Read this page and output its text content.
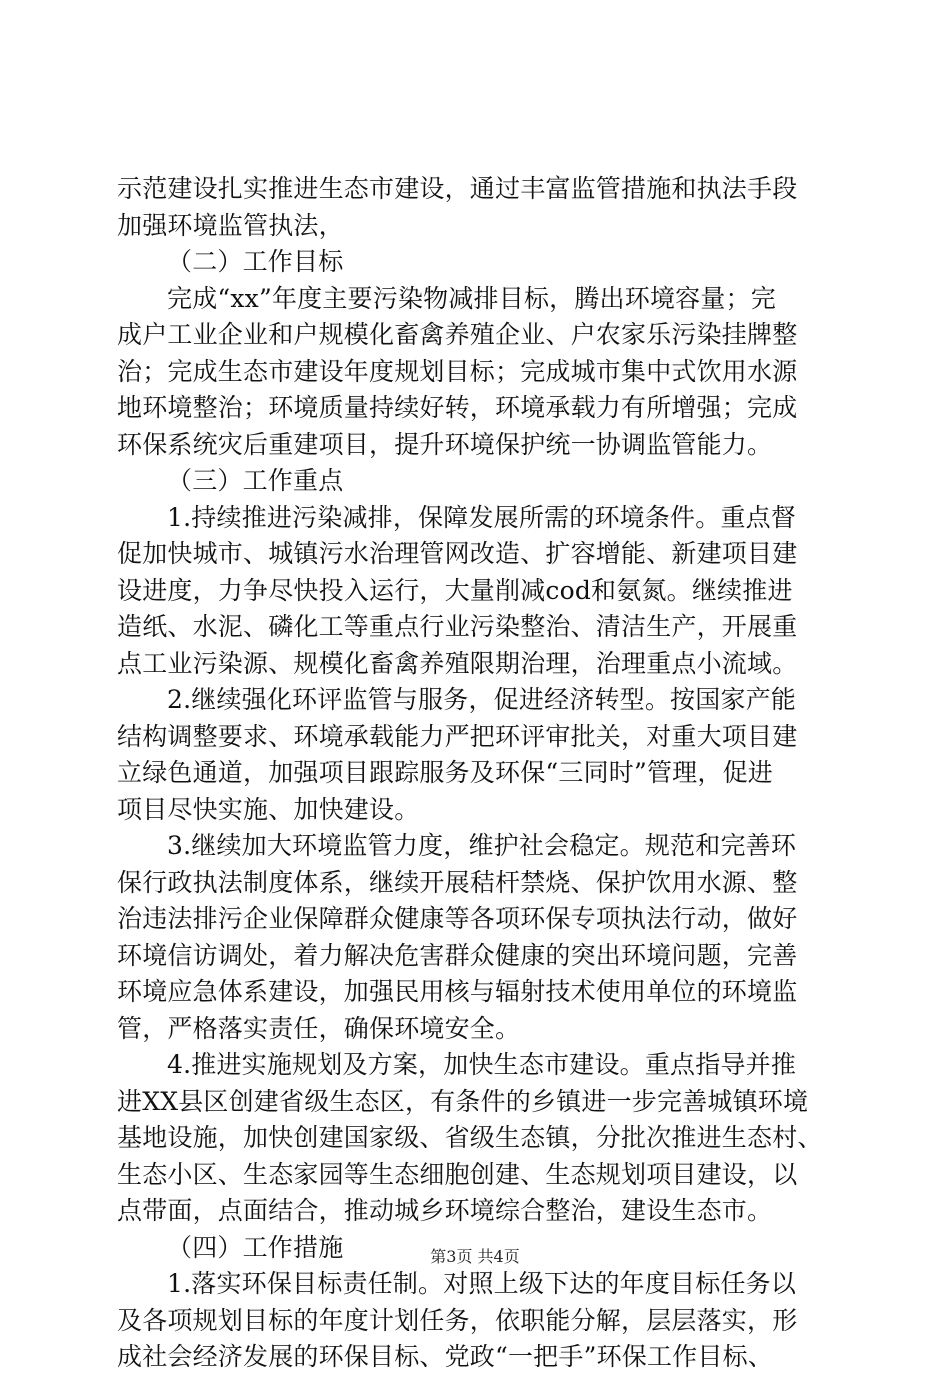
示范建设扎实推进生态市建设，通过丰富监管措施和执法手段
加强环境监管执法，
（二）工作目标
完成“xx”年度主要污染物减排目标，腾出环境容量；完
成户工业企业和户规模化畜禽养殖企业、户农家乐污染挂牌整
治；完成生态市建设年度规划目标；完成城市集中式饮用水源
地环境整治；环境质量持续好转，环境承载力有所增强；完成
环保系统灾后重建项目，提升环境保护统一协调监管能力。
（三）工作重点
1.持续推进污染减排，保障发展所需的环境条件。重点督
促加快城市、城镇污水治理管网改造、扩容增能、新建项目建
设进度，力争尽快投入运行，大量削减cod和氨氮。继续推进
造纸、水泥、磷化工等重点行业污染整治、清洁生产，开展重
点工业污染源、规模化畜禽养殖限期治理，治理重点小流域。
2.继续强化环评监管与服务，促进经济转型。按国家产能
结构调整要求、环境承载能力严把环评审批关，对重大项目建
立绿色通道，加强项目跟踪服务及环保“三同时”管理，促进
项目尽快实施、加快建设。
3.继续加大环境监管力度，维护社会稳定。规范和完善环
保行政执法制度体系，继续开展秸杆禁烧、保护饮用水源、整
治违法排污企业保障群众健康等各项环保专项执法行动，做好
环境信访调处，着力解决危害群众健康的突出环境问题，完善
环境应急体系建设，加强民用核与辐射技术使用单位的环境监
管，严格落实责任，确保环境安全。
4.推进实施规划及方案，加快生态市建设。重点指导并推
进XX县区创建省级生态区，有条件的乡镇进一步完善城镇环境
基地设施，加快创建国家级、省级生态镇，分批次推进生态村、
生态小区、生态家园等生态细胞创建、生态规划项目建设，以
点带面，点面结合，推动城乡环境综合整治，建设生态市。
（四）工作措施
1.落实环保目标责任制。对照上级下达的年度目标任务以
及各项规划目标的年度计划任务，依职能分解，层层落实，形
成社会经济发展的环保目标、党政“一把手”环保工作目标、
第3页 共4页
